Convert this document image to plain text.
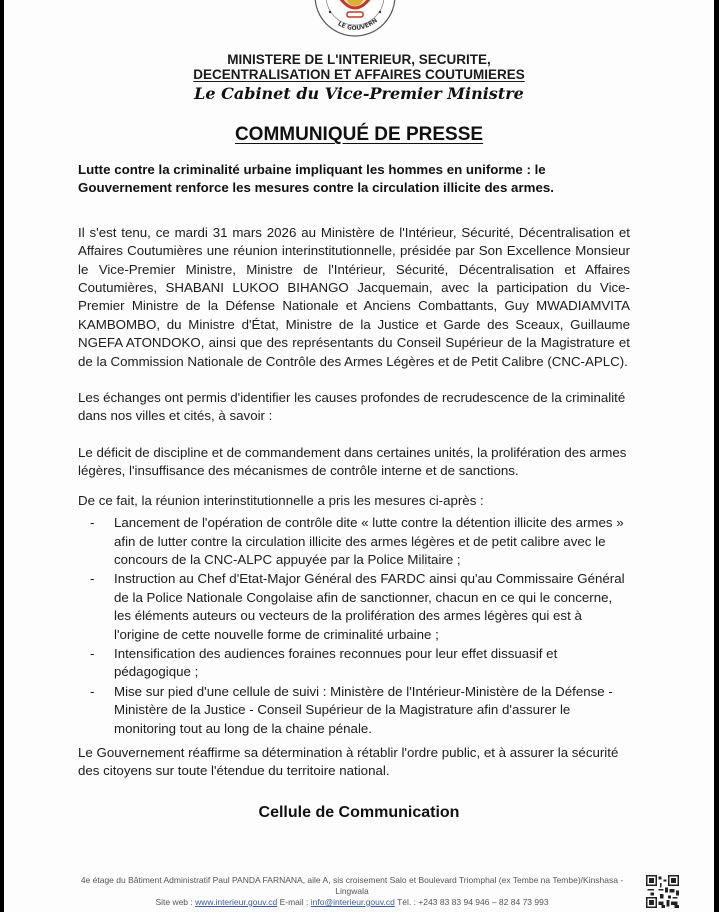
LE GOUVERN
MINISTERE DE L'INTERIEUR, SECURITE,
DECENTRALISATION ET AFFAIRES COUTUMIERES
Le Cabinet du Vice-Premier Ministre
COMMUNIQUÉ DE PRESSE

Lutte contre la criminalité urbaine impliquant les hommes en uniforme : le Gouvernement renforce les mesures contre la circulation illicite des armes.

Il s'est tenu, ce mardi 31 mars 2026 au Ministère de l'Intérieur, Sécurité, Décentralisation et Affaires Coutumières une réunion interinstitutionnelle, présidée par Son Excellence Monsieur le Vice-Premier Ministre, Ministre de l'Intérieur, Sécurité, Décentralisation et Affaires Coutumières, SHABANI LUKOO BIHANGO Jacquemain, avec la participation du Vice-Premier Ministre de la Défense Nationale et Anciens Combattants, Guy MWADIAMVITA KAMBOMBO, du Ministre d'État, Ministre de la Justice et Garde des Sceaux, Guillaume NGEFA ATONDOKO, ainsi que des représentants du Conseil Supérieur de la Magistrature et de la Commission Nationale de Contrôle des Armes Légères et de Petit Calibre (CNC-APLC).

Les échanges ont permis d'identifier les causes profondes de recrudescence de la criminalité dans nos villes et cités, à savoir :

Le déficit de discipline et de commandement dans certaines unités, la prolifération des armes légères, l'insuffisance des mécanismes de contrôle interne et de sanctions.

De ce fait, la réunion interinstitutionnelle a pris les mesures ci-après :

- Lancement de l'opération de contrôle dite « lutte contre la détention illicite des armes » afin de lutter contre la circulation illicite des armes légères et de petit calibre avec le concours de la CNC-ALPC appuyée par la Police Militaire ;
- Instruction au Chef d'Etat-Major Général des FARDC ainsi qu'au Commissaire Général de la Police Nationale Congolaise afin de sanctionner, chacun en ce qui le concerne, les éléments auteurs ou vecteurs de la prolifération des armes légères qui est à l'origine de cette nouvelle forme de criminalité urbaine ;
- Intensification des audiences foraines reconnues pour leur effet dissuasif et pédagogique ;
- Mise sur pied d'une cellule de suivi : Ministère de l'Intérieur-Ministère de la Défense - Ministère de la Justice - Conseil Supérieur de la Magistrature afin d'assurer le monitoring tout au long de la chaine pénale.

Le Gouvernement réaffirme sa détermination à rétablir l'ordre public, et à assurer la sécurité des citoyens sur toute l'étendue du territoire national.

Cellule de Communication
4e étage du Bâtiment Administratif Paul PANDA FARNANA, aile A, sis croisement Salo et Boulevard Triomphal (ex Tembe na Tembe)/Kinshasa - Lingwala
Site web : www.interieur.gouv.cd E-mail : info@interieur.gouv.cd Tél. : +243 83 83 94 946 – 82 84 73 993
